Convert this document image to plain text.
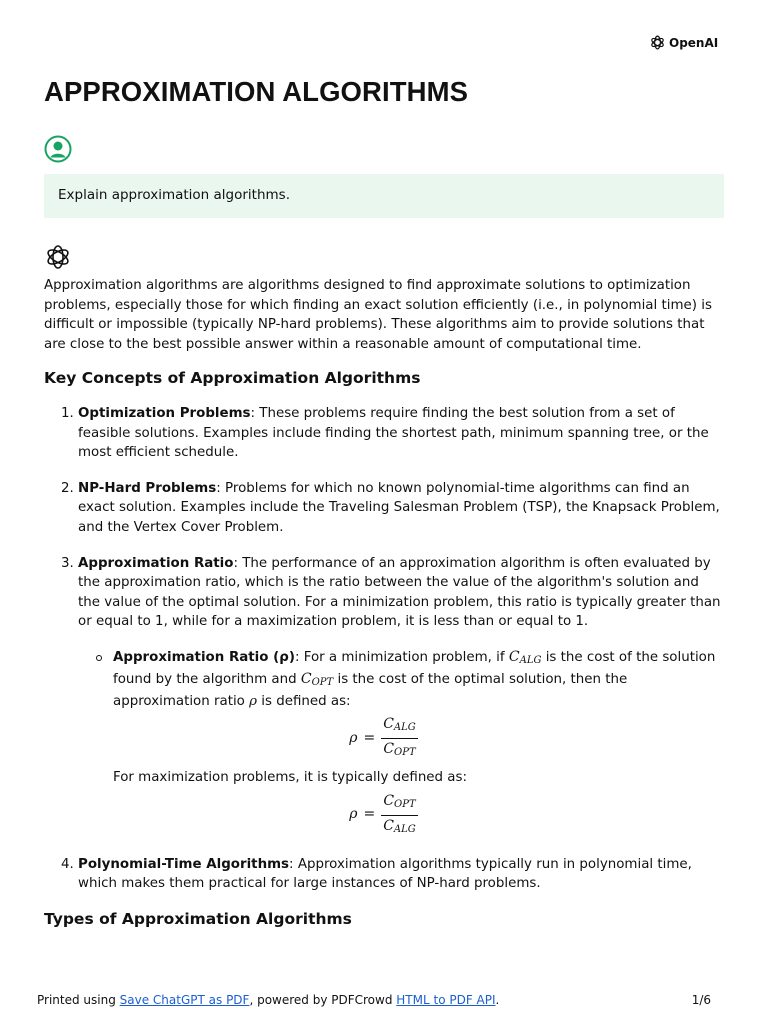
OpenAI
APPROXIMATION ALGORITHMS
Explain approximation algorithms.

Approximation algorithms are algorithms designed to find approximate solutions to optimization problems, especially those for which finding an exact solution efficiently (i.e., in polynomial time) is difficult or impossible (typically NP-hard problems). These algorithms aim to provide solutions that are close to the best possible answer within a reasonable amount of computational time.

Key Concepts of Approximation Algorithms
1. Optimization Problems: These problems require finding the best solution from a set of feasible solutions. Examples include finding the shortest path, minimum spanning tree, or the most efficient schedule.
2. NP-Hard Problems: Problems for which no known polynomial-time algorithms can find an exact solution. Examples include the Traveling Salesman Problem (TSP), the Knapsack Problem, and the Vertex Cover Problem.
3. Approximation Ratio: The performance of an approximation algorithm is often evaluated by the approximation ratio, which is the ratio between the value of the algorithm's solution and the value of the optimal solution. For a minimization problem, this ratio is typically greater than or equal to 1, while for a maximization problem, it is less than or equal to 1.
Approximation Ratio (ρ): For a minimization problem, if $C_{ALG}$ is the cost of the solution found by the algorithm and $C_{OPT}$ is the cost of the optimal solution, then the approximation ratio ρ is defined as:
$\rho = \frac{C_{ALG}}{C_{OPT}}$

For maximization problems, it is typically defined as:

$\rho = \frac{C_{OPT}}{C_{ALG}}$
4. Polynomial-Time Algorithms: Approximation algorithms typically run in polynomial time, which makes them practical for large instances of NP-hard problems.
Types of Approximation Algorithms
Printed using Save ChatGPT as PDF, powered by PDFCrowd HTML to PDF API.	1/6
